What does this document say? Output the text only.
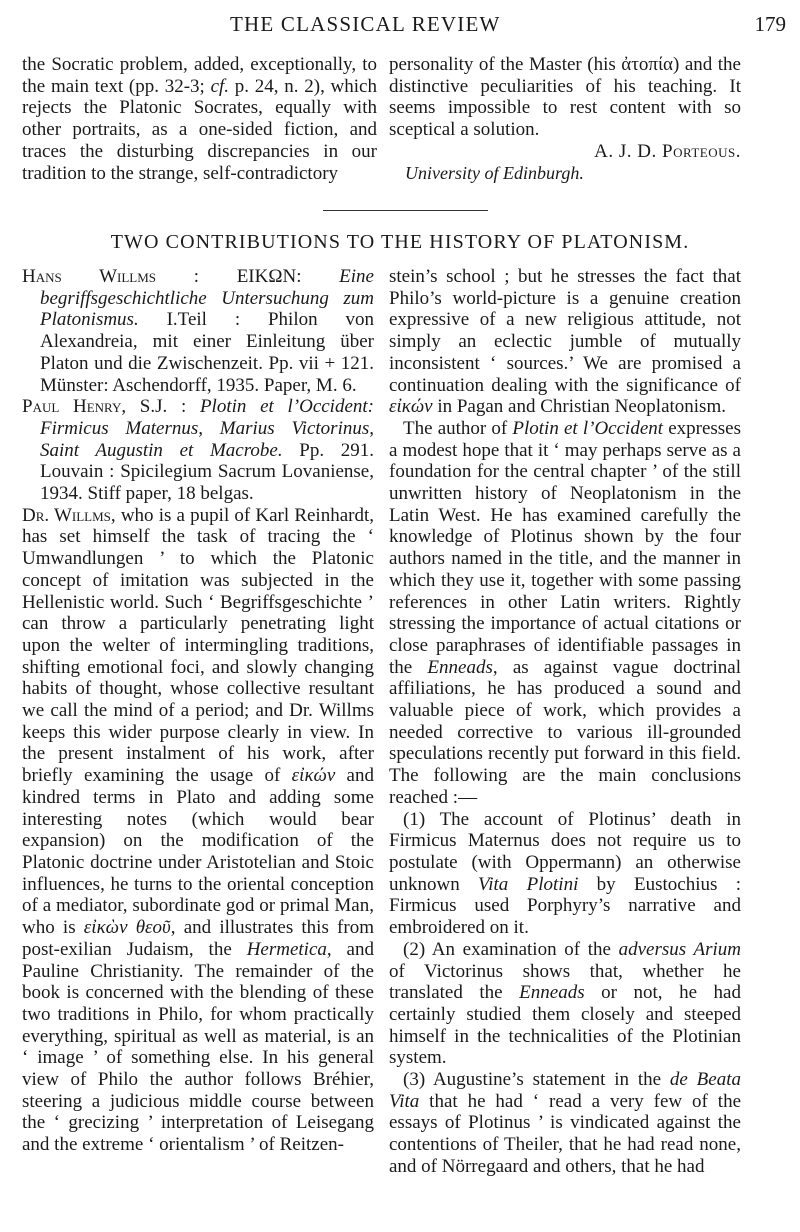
THE CLASSICAL REVIEW	179

the Socratic problem, added, exceptionally, to the main text (pp. 32-3; cf. p. 24, n. 2), which rejects the Platonic Socrates, equally with other portraits, as a one-sided fiction, and traces the disturbing discrepancies in our tradition to the strange, self-contradictory

personality of the Master (his ἀτοπία) and the distinctive peculiarities of his teaching. It seems impossible to rest content with so sceptical a solution.

A. J. D. Porteous.

University of Edinburgh.

TWO CONTRIBUTIONS TO THE HISTORY OF PLATONISM.

Hans Willms : EIKΩN: Eine begriffsgeschichtliche Untersuchung zum Platonismus. I.Teil : Philon von Alexandreia, mit einer Einleitung über Platon und die Zwischenzeit. Pp. vii + 121. Münster: Aschendorff, 1935. Paper, M. 6.

Paul Henry, S.J. : Plotin et l’Occident: Firmicus Maternus, Marius Victorinus, Saint Augustin et Macrobe. Pp. 291. Louvain : Spicilegium Sacrum Lovaniense, 1934. Stiff paper, 18 belgas.

Dr. Willms, who is a pupil of Karl Reinhardt, has set himself the task of tracing the ‘ Umwandlungen ’ to which the Platonic concept of imitation was subjected in the Hellenistic world. Such ‘ Begriffsgeschichte ’ can throw a particularly penetrating light upon the welter of intermingling traditions, shifting emotional foci, and slowly changing habits of thought, whose collective resultant we call the mind of a period; and Dr. Willms keeps this wider purpose clearly in view. In the present instalment of his work, after briefly examining the usage of εἰκών and kindred terms in Plato and adding some interesting notes (which would bear expansion) on the modification of the Platonic doctrine under Aristotelian and Stoic influences, he turns to the oriental conception of a mediator, subordinate god or primal Man, who is εἰκὼν θεοῦ, and illustrates this from post-exilian Judaism, the Hermetica, and Pauline Christianity. The remainder of the book is concerned with the blending of these two traditions in Philo, for whom practically everything, spiritual as well as material, is an ‘ image ’ of something else. In his general view of Philo the author follows Bréhier, steering a judicious middle course between the ‘ grecizing ’ interpretation of Leisegang and the extreme ‘ orientalism ’ of Reitzen-

stein’s school ; but he stresses the fact that Philo’s world-picture is a genuine creation expressive of a new religious attitude, not simply an eclectic jumble of mutually inconsistent ‘ sources.’ We are promised a continuation dealing with the significance of εἰκών in Pagan and Christian Neoplatonism.

The author of Plotin et l’Occident expresses a modest hope that it ‘ may perhaps serve as a foundation for the central chapter ’ of the still unwritten history of Neoplatonism in the Latin West. He has examined carefully the knowledge of Plotinus shown by the four authors named in the title, and the manner in which they use it, together with some passing references in other Latin writers. Rightly stressing the importance of actual citations or close paraphrases of identifiable passages in the Enneads, as against vague doctrinal affiliations, he has produced a sound and valuable piece of work, which provides a needed corrective to various ill-grounded speculations recently put forward in this field. The following are the main conclusions reached :—

(1) The account of Plotinus’ death in Firmicus Maternus does not require us to postulate (with Oppermann) an otherwise unknown Vita Plotini by Eustochius : Firmicus used Porphyry’s narrative and embroidered on it.

(2) An examination of the adversus Arium of Victorinus shows that, whether he translated the Enneads or not, he had certainly studied them closely and steeped himself in the technicalities of the Plotinian system.

(3) Augustine’s statement in the de Beata Vita that he had ‘ read a very few of the essays of Plotinus ’ is vindicated against the contentions of Theiler, that he had read none, and of Nörregaard and others, that he had
